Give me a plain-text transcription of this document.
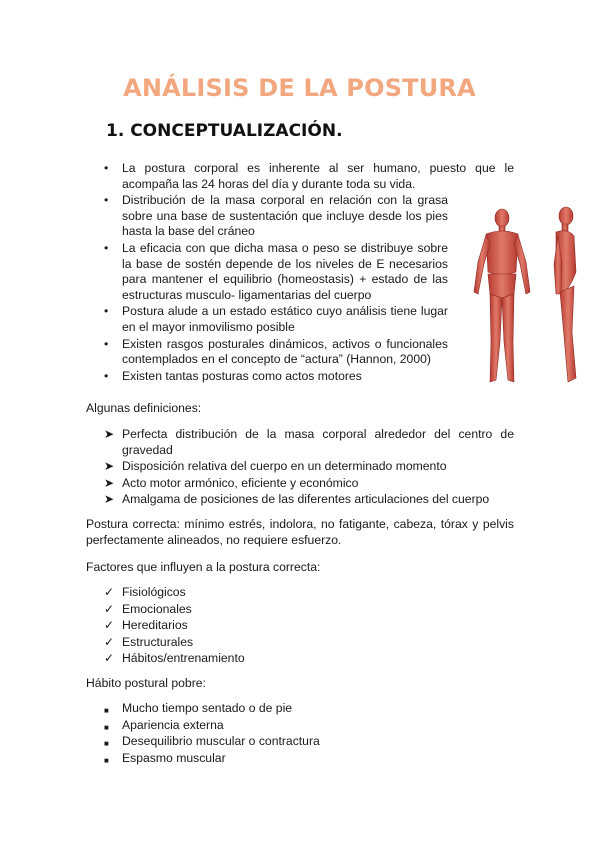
ANÁLISIS DE LA POSTURA
1. CONCEPTUALIZACIÓN.
• La postura corporal es inherente al ser humano, puesto que le acompaña las 24 horas del día y durante toda su vida.
• Distribución de la masa corporal en relación con la grasa sobre una base de sustentación que incluye desde los pies hasta la base del cráneo
• La eficacia con que dicha masa o peso se distribuye sobre la base de sostén depende de los niveles de E necesarios para mantener el equilibrio (homeostasis) + estado de las estructuras musculo- ligamentarias del cuerpo
• Postura alude a un estado estático cuyo análisis tiene lugar en el mayor inmovilismo posible
• Existen rasgos posturales dinámicos, activos o funcionales contemplados en el concepto de “actura” (Hannon, 2000)
• Existen tantas posturas como actos motores

Algunas definiciones:

➤ Perfecta distribución de la masa corporal alrededor del centro de gravedad
➤ Disposición relativa del cuerpo en un determinado momento
➤ Acto motor armónico, eficiente y económico
➤ Amalgama de posiciones de las diferentes articulaciones del cuerpo

Postura correcta: mínimo estrés, indolora, no fatigante, cabeza, tórax y pelvis perfectamente alineados, no requiere esfuerzo.

Factores que influyen a la postura correcta:

✓ Fisiológicos
✓ Emocionales
✓ Hereditarios
✓ Estructurales
✓ Hábitos/entrenamiento

Hábito postural pobre:

■ Mucho tiempo sentado o de pie
■ Apariencia externa
■ Desequilibrio muscular o contractura
■ Espasmo muscular
